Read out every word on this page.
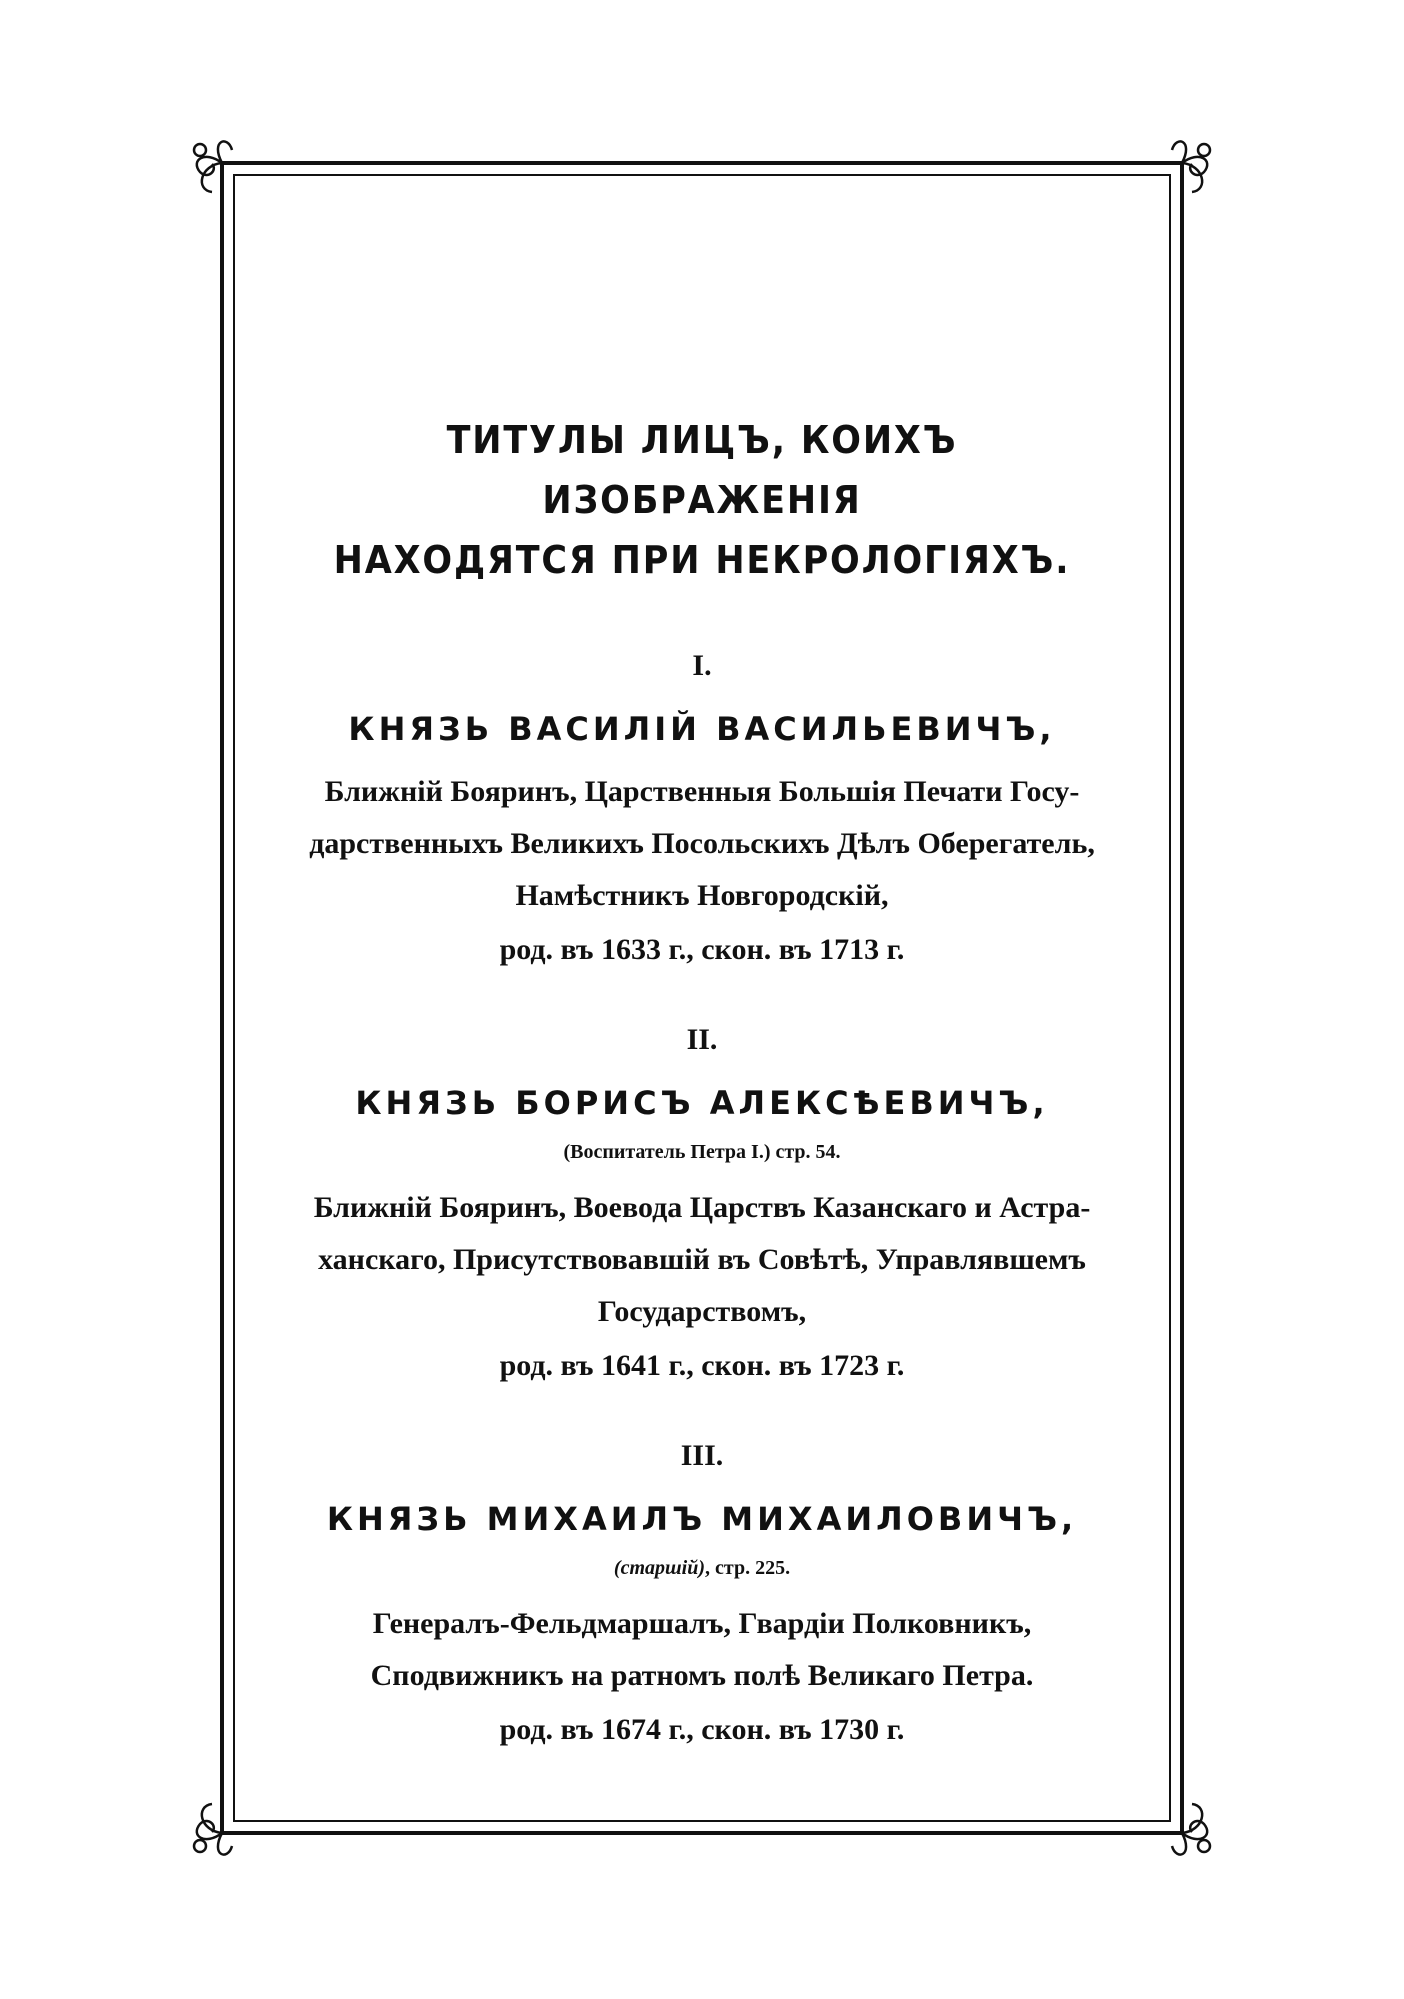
ТИТУЛЫ ЛИЦЪ, КОИХЪ ИЗОБРАЖЕНІЯ
НАХОДЯТСЯ ПРИ НЕКРОЛОГІЯХЪ.
I.
КНЯЗЬ ВАСИЛІЙ ВАСИЛЬЕВИЧЪ,
Ближній Бояринъ, Царственныя Большія Печати Госу-
дарственныхъ Великихъ Посольскихъ Дѣлъ Оберегатель,
Намѣстникъ Новгородскій,
род. въ 1633 г., скон. въ 1713 г.
II.
КНЯЗЬ БОРИСЪ АЛЕКСѢЕВИЧЪ,
(Воспитатель Петра I.) стр. 54.
Ближній Бояринъ, Воевода Царствъ Казанскаго и Астра-
ханскаго, Присутствовавшій въ Совѣтѣ, Управлявшемъ
Государствомъ,
род. въ 1641 г., скон. въ 1723 г.
III.
КНЯЗЬ МИХАИЛЪ МИХАИЛОВИЧЪ,
(старшій), стр. 225.
Генералъ-Фельдмаршалъ, Гвардіи Полковникъ,
Сподвижникъ на ратномъ полѣ Великаго Петра.
род. въ 1674 г., скон. въ 1730 г.
